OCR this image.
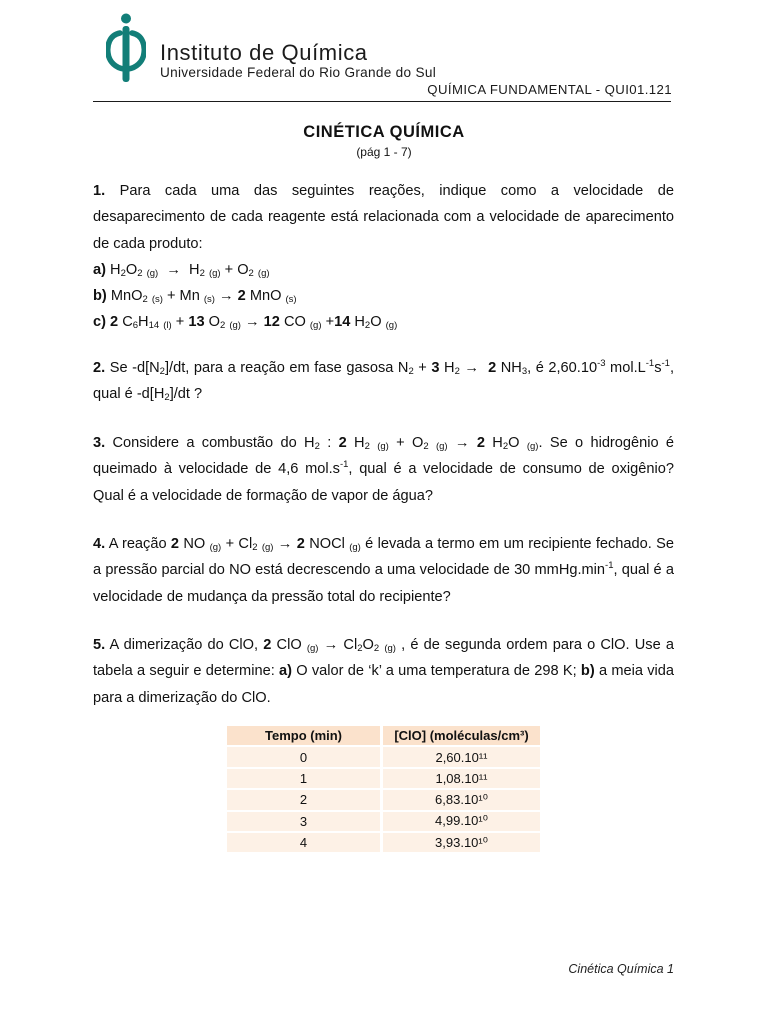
Instituto de Química
Universidade Federal do Rio Grande do Sul
QUÍMICA FUNDAMENTAL - QUI01.121
CINÉTICA QUÍMICA
(pág 1 - 7)

1. Para cada uma das seguintes reações, indique como a velocidade de desaparecimento de cada reagente está relacionada com a velocidade de aparecimento de cada produto:

a) $H_2O_2$ $_{(g)} \to H_2$ $_{(g)} + O_2$ $_{(g)}$
b) MnO$_2$ $_{(s)}$ + Mn $_{(s)}$ → 2 MnO $_{(s)}$
c) 2 $C_6H_{14}$ $_{(l)}$ + 13 $O_2$ $_{(g)}$ → 12 CO $_{(g)}$ +14 $H_2O$ $_{(g)}$

2. Se $-d[N_2]/dt$, para a reação em fase gasosa $N_2 + 3$ $H_2 \to 2$ $NH_3$, é $2,60.10^{-3}$ $mol.L^{-1}s^{-1}$, qual é $-d[H_2]/dt$ ?

3. Considere a combustão do $H_2$ : 2 $H_2$ $_{(g)} + O_2$ $_{(g)}$ → 2 $H_2O$ $_{(g)}$. Se o hidrogênio é queimado à velocidade de 4,6 $mol.s^{-1}$, qual é a velocidade de consumo de oxigênio? Qual é a velocidade de formação de vapor de água?

4. A reação 2 NO $_{(g)} + Cl_2$ $_{(g)}$ → 2 NOCl $_{(g)}$ é levada a termo em um recipiente fechado. Se a pressão parcial do NO está decrescendo a uma velocidade de 30 $mmHg.\min^{-1}$, qual é a velocidade de mudança da pressão total do recipiente?

5. A dimerização do ClO, 2 ClO $_{(g)} \to Cl_2O_2$ $_{(g)}$ , é de segunda ordem para o ClO. Use a tabela a seguir e determine: a) O valor de ‘k’ a uma temperatura de 298 K; b) a meia vida para a dimerização do ClO.

Tempo (min)	[ClO] (moléculas/cm³)
0	2,60.10¹¹
1	1,08.10¹¹
2	6,83.10¹⁰
3	4,99.10¹⁰
4	3,93.10¹⁰
Cinética Química 1
